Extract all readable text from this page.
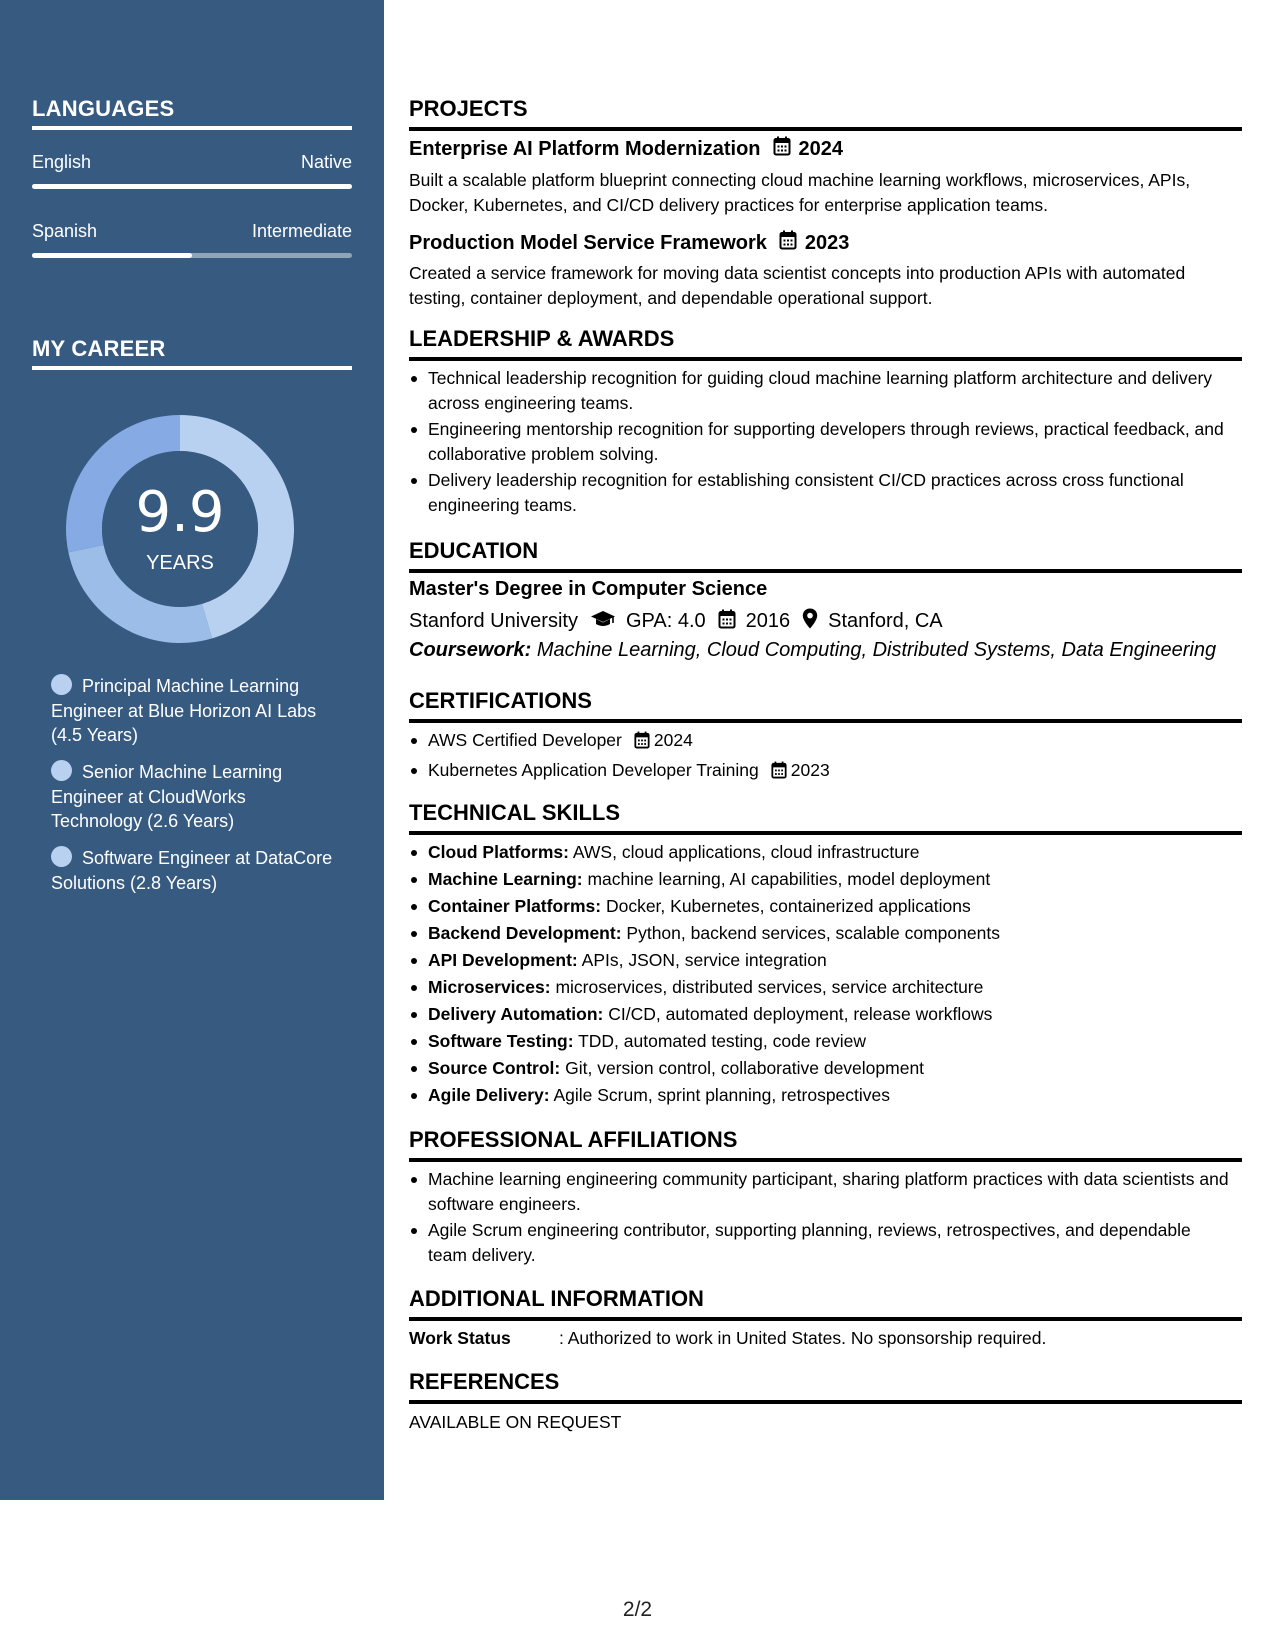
LANGUAGES
English	Native
Spanish	Intermediate
MY CAREER
9.9
YEARS
Principal Machine Learning Engineer at Blue Horizon AI Labs (4.5 Years)
Senior Machine Learning Engineer at CloudWorks Technology (2.6 Years)
Software Engineer at DataCore Solutions (2.8 Years)
PROJECTS
Enterprise AI Platform Modernization 2024
Built a scalable platform blueprint connecting cloud machine learning workflows, microservices, APIs, Docker, Kubernetes, and CI/CD delivery practices for enterprise application teams.
Production Model Service Framework 2023
Created a service framework for moving data scientist concepts into production APIs with automated testing, container deployment, and dependable operational support.
LEADERSHIP & AWARDS
Technical leadership recognition for guiding cloud machine learning platform architecture and delivery across engineering teams.
Engineering mentorship recognition for supporting developers through reviews, practical feedback, and collaborative problem solving.
Delivery leadership recognition for establishing consistent CI/CD practices across cross functional engineering teams.
EDUCATION
Master's Degree in Computer Science
Stanford University GPA: 4.0 2016 Stanford, CA
Coursework: Machine Learning, Cloud Computing, Distributed Systems, Data Engineering
CERTIFICATIONS
AWS Certified Developer 2024
Kubernetes Application Developer Training 2023
TECHNICAL SKILLS
Cloud Platforms: AWS, cloud applications, cloud infrastructure
Machine Learning: machine learning, AI capabilities, model deployment
Container Platforms: Docker, Kubernetes, containerized applications
Backend Development: Python, backend services, scalable components
API Development: APIs, JSON, service integration
Microservices: microservices, distributed services, service architecture
Delivery Automation: CI/CD, automated deployment, release workflows
Software Testing: TDD, automated testing, code review
Source Control: Git, version control, collaborative development
Agile Delivery: Agile Scrum, sprint planning, retrospectives
PROFESSIONAL AFFILIATIONS
Machine learning engineering community participant, sharing platform practices with data scientists and software engineers.
Agile Scrum engineering contributor, supporting planning, reviews, retrospectives, and dependable team delivery.
ADDITIONAL INFORMATION
Work Status	: Authorized to work in United States. No sponsorship required.
REFERENCES
AVAILABLE ON REQUEST
2/2
